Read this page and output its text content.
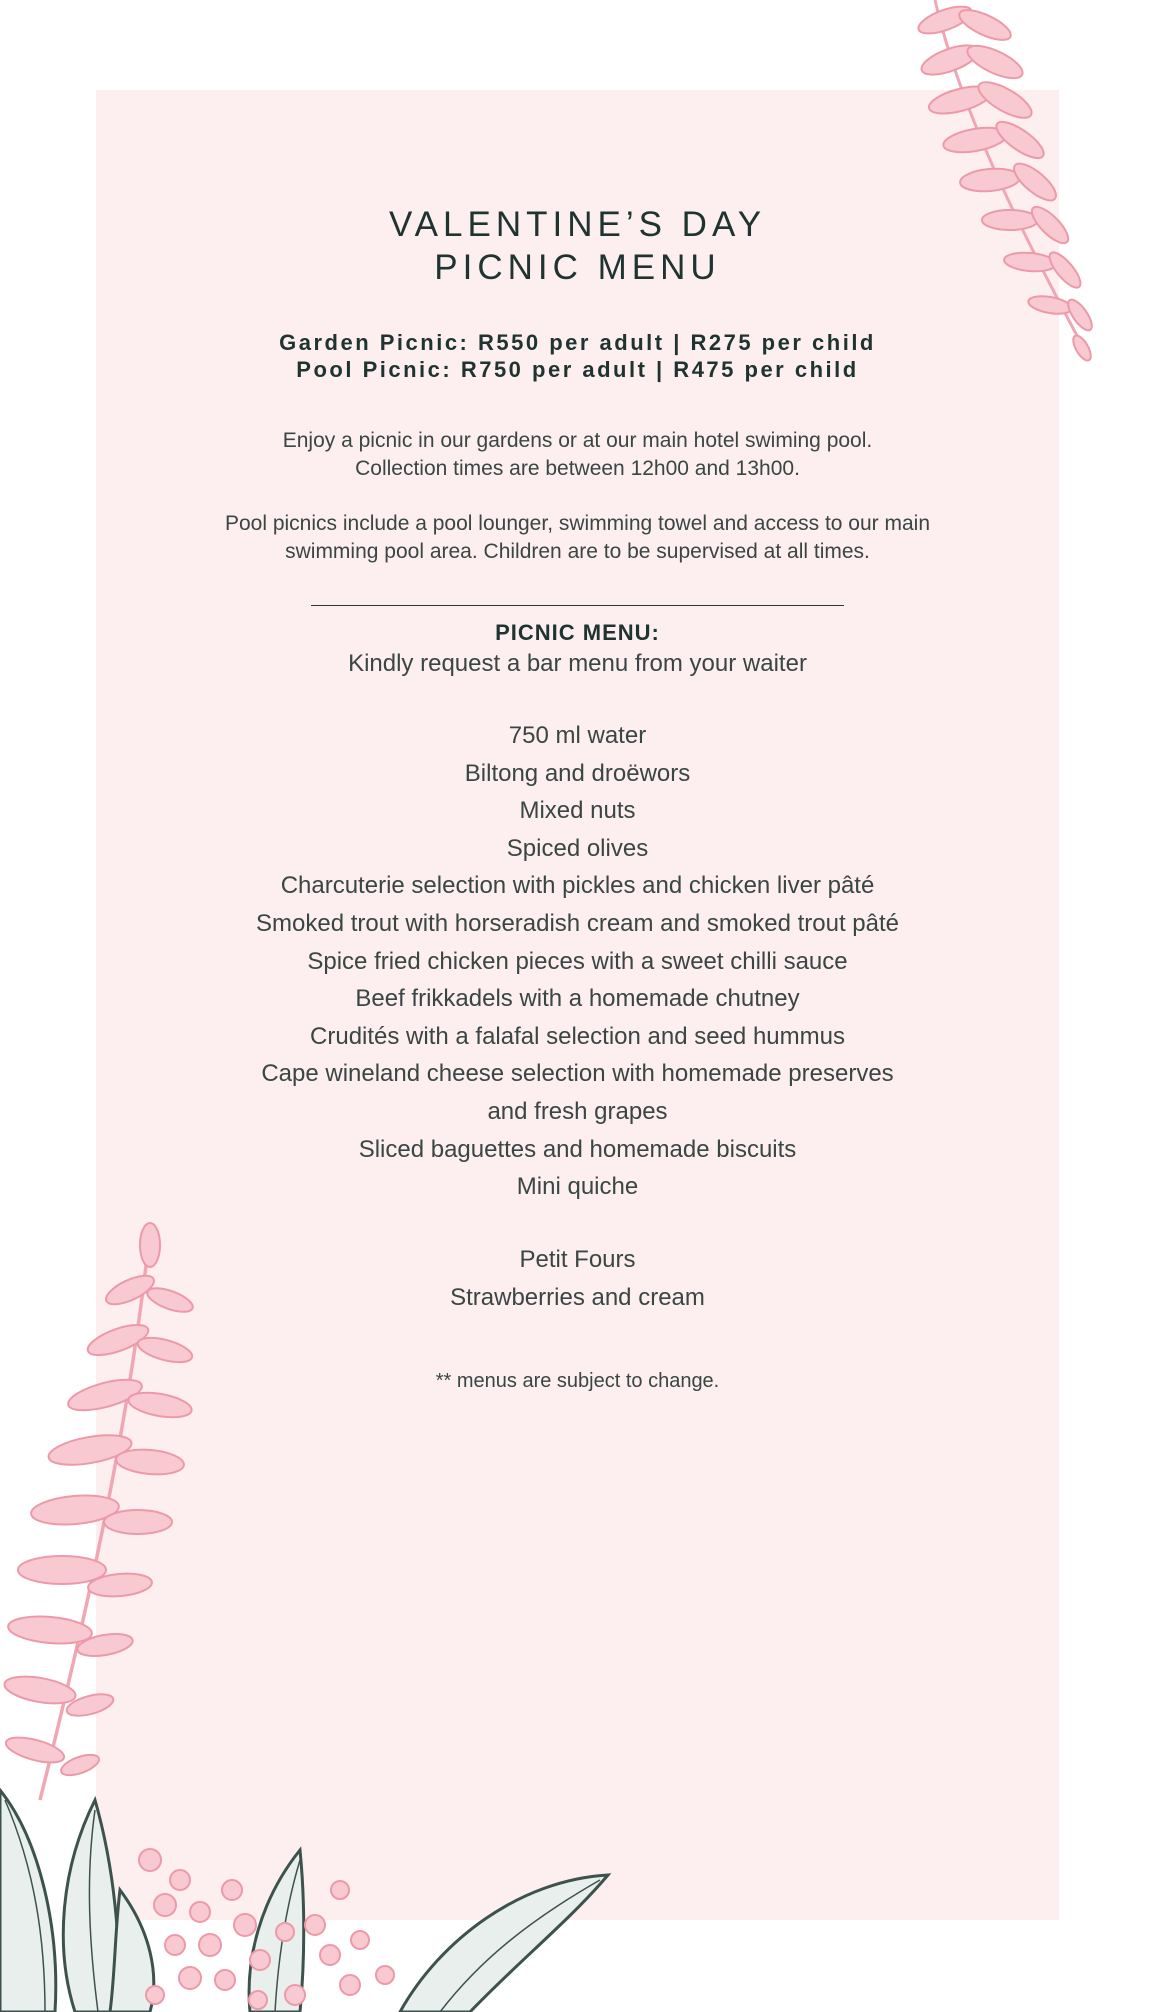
VALENTINE’S DAY
PICNIC MENU
Garden Picnic: R550 per adult | R275 per child
Pool Picnic: R750 per adult | R475 per child
Enjoy a picnic in our gardens or at our main hotel swiming pool.
Collection times are between 12h00 and 13h00.
Pool picnics include a pool lounger, swimming towel and access to our main
swimming pool area. Children are to be supervised at all times.
PICNIC MENU:
Kindly request a bar menu from your waiter
750 ml water
Biltong and droëwors
Mixed nuts
Spiced olives
Charcuterie selection with pickles and chicken liver pâté
Smoked trout with horseradish cream and smoked trout pâté
Spice fried chicken pieces with a sweet chilli sauce
Beef frikkadels with a homemade chutney
Crudités with a falafal selection and seed hummus
Cape wineland cheese selection with homemade preserves
and fresh grapes
Sliced baguettes and homemade biscuits
Mini quiche
Petit Fours
Strawberries and cream
** menus are subject to change.
